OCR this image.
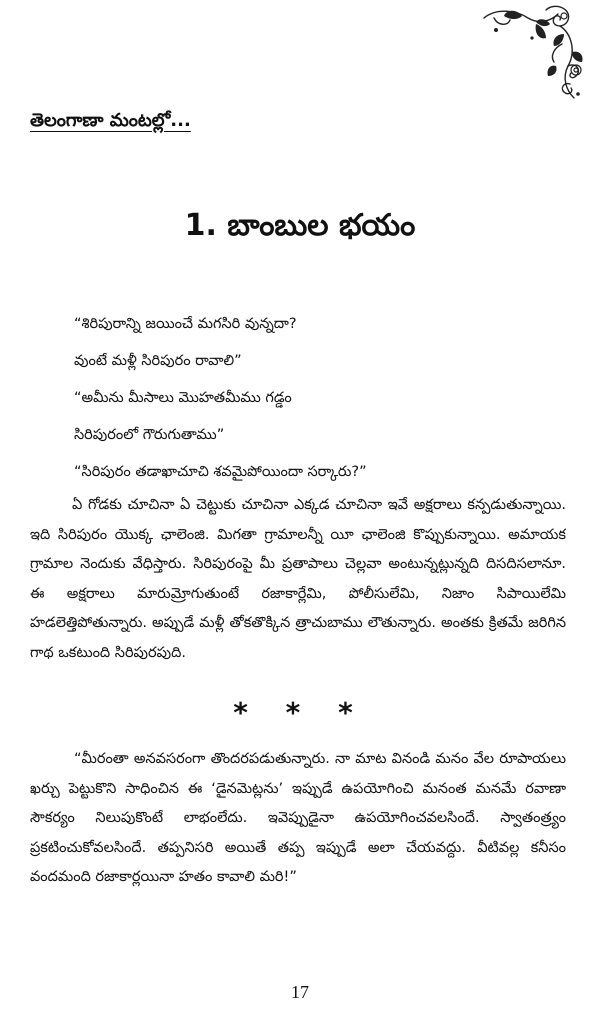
తెలంగాణా మంటల్లో...
1. బాంబుల భయం
“శిరిపురాన్ని జయించే మగసిరి వున్నదా?
వుంటే మళ్లీ సిరిపురం రావాలి”
“అమీను మీసాలు మొహతమీము గడ్డం
సిరిపురంలో గౌరుగుతాము”
“సిరిపురం తడాఖాచూచి శవమైపోయిందా సర్కారు?”

ఏ గోడకు చూచినా ఏ చెట్టుకు చూచినా ఎక్కడ చూచినా ఇవే అక్షరాలు కన్పడుతున్నాయి. ఇది సిరిపురం యొక్క ఛాలెంజి. మిగతా గ్రామాలన్నీ యీ ఛాలెంజి కొప్పుకున్నాయి. అమాయక గ్రామాల నెందుకు వేధిస్తారు. సిరిపురంపై మీ ప్రతాపాలు చెల్లవా అంటున్నట్లున్నది దిసదిసలానూ. ఈ అక్షరాలు మారుమ్రోగుతుంటే రజాకార్లేమి, పోలీసులేమి, నిజాం సిపాయిలేమి హడలెత్తిపోతున్నారు. అప్పుడే మళ్లీ తోకతొక్కిన త్రాచుబాము లౌతున్నారు. అంతకు క్రితమే జరిగిన గాథ ఒకటుంది సిరిపురపుది.

* * *

“మీరంతా అనవసరంగా తొందరపడుతున్నారు. నా మాట వినండి మనం వేల రూపాయలు ఖర్చు పెట్టుకొని సాధించిన ఈ ‘డైనమెట్లను’ ఇప్పుడే ఉపయోగించి మనంత మనమే రవాణా సౌకర్యం నిలుపుకొంటే లాభంలేదు. ఇవెప్పుడైనా ఉపయోగించవలసిందే. స్వాతంత్ర్యం ప్రకటించుకోవలసిందే. తప్పనిసరి అయితే తప్ప ఇప్పుడే అలా చేయవద్దు. వీటివల్ల కనీసం వందమంది రజాకార్లయినా హతం కావాలి మరి!”

17
